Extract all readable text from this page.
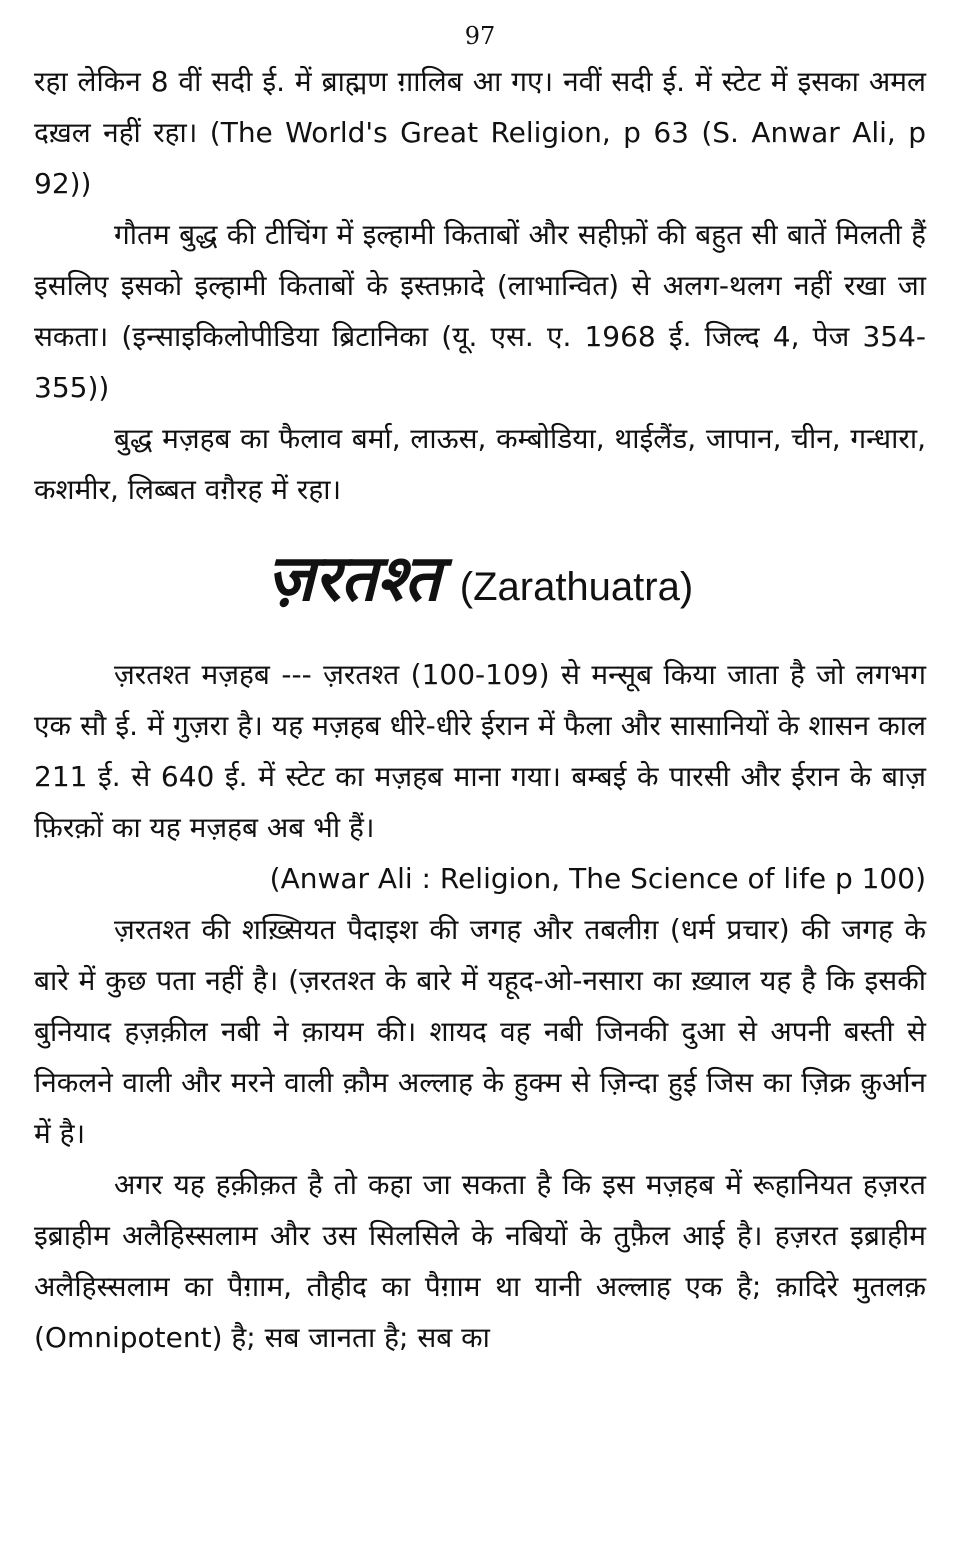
97

रहा लेकिन 8 वीं सदी ई. में ब्राह्मण ग़ालिब आ गए। नवीं सदी ई. में स्टेट में इसका अमल दख़ल नहीं रहा। (The World's Great Religion, p 63 (S. Anwar Ali, p 92))

गौतम बुद्ध की टीचिंग में इल्हामी किताबों और सहीफ़ों की बहुत सी बातें मिलती हैं इसलिए इसको इल्हामी किताबों के इस्तफ़ादे (लाभान्वित) से अलग-थलग नहीं रखा जा सकता। (इन्साइकिलोपीडिया ब्रिटानिका (यू. एस. ए. 1968 ई. जिल्द 4, पेज 354-355))

बुद्ध मज़हब का फैलाव बर्मा, लाऊस, कम्बोडिया, थाईलैंड, जापान, चीन, गन्धारा, कशमीर, लिब्बत वग़ैरह में रहा।

ज़रतश्त (Zarathuatra)

ज़रतश्त मज़हब --- ज़रतश्त (100-109) से मन्सूब किया जाता है जो लगभग एक सौ ई. में गुज़रा है। यह मज़हब धीरे-धीरे ईरान में फैला और सासानियों के शासन काल 211 ई. से 640 ई. में स्टेट का मज़हब माना गया। बम्बई के पारसी और ईरान के बाज़ फ़िरक़ों का यह मज़हब अब भी हैं।

(Anwar Ali : Religion, The Science of life p 100)

ज़रतश्त की शख़्सियत पैदाइश की जगह और तबलीग़ (धर्म प्रचार) की जगह के बारे में कुछ पता नहीं है। (ज़रतश्त के बारे में यहूद-ओ-नसारा का ख़्याल यह है कि इसकी बुनियाद हज़क़ील नबी ने क़ायम की। शायद वह नबी जिनकी दुआ से अपनी बस्ती से निकलने वाली और मरने वाली क़ौम अल्लाह के हुक्म से ज़िन्दा हुई जिस का ज़िक्र क़ुर्आन में है।

अगर यह हक़ीक़त है तो कहा जा सकता है कि इस मज़हब में रूहानियत हज़रत इब्राहीम अलैहिस्सलाम और उस सिलसिले के नबियों के तुफ़ैल आई है। हज़रत इब्राहीम अलैहिस्सलाम का पैग़ाम, तौहीद का पैग़ाम था यानी अल्लाह एक है; क़ादिरे मुतलक़ (Omnipotent) है; सब जानता है; सब का
